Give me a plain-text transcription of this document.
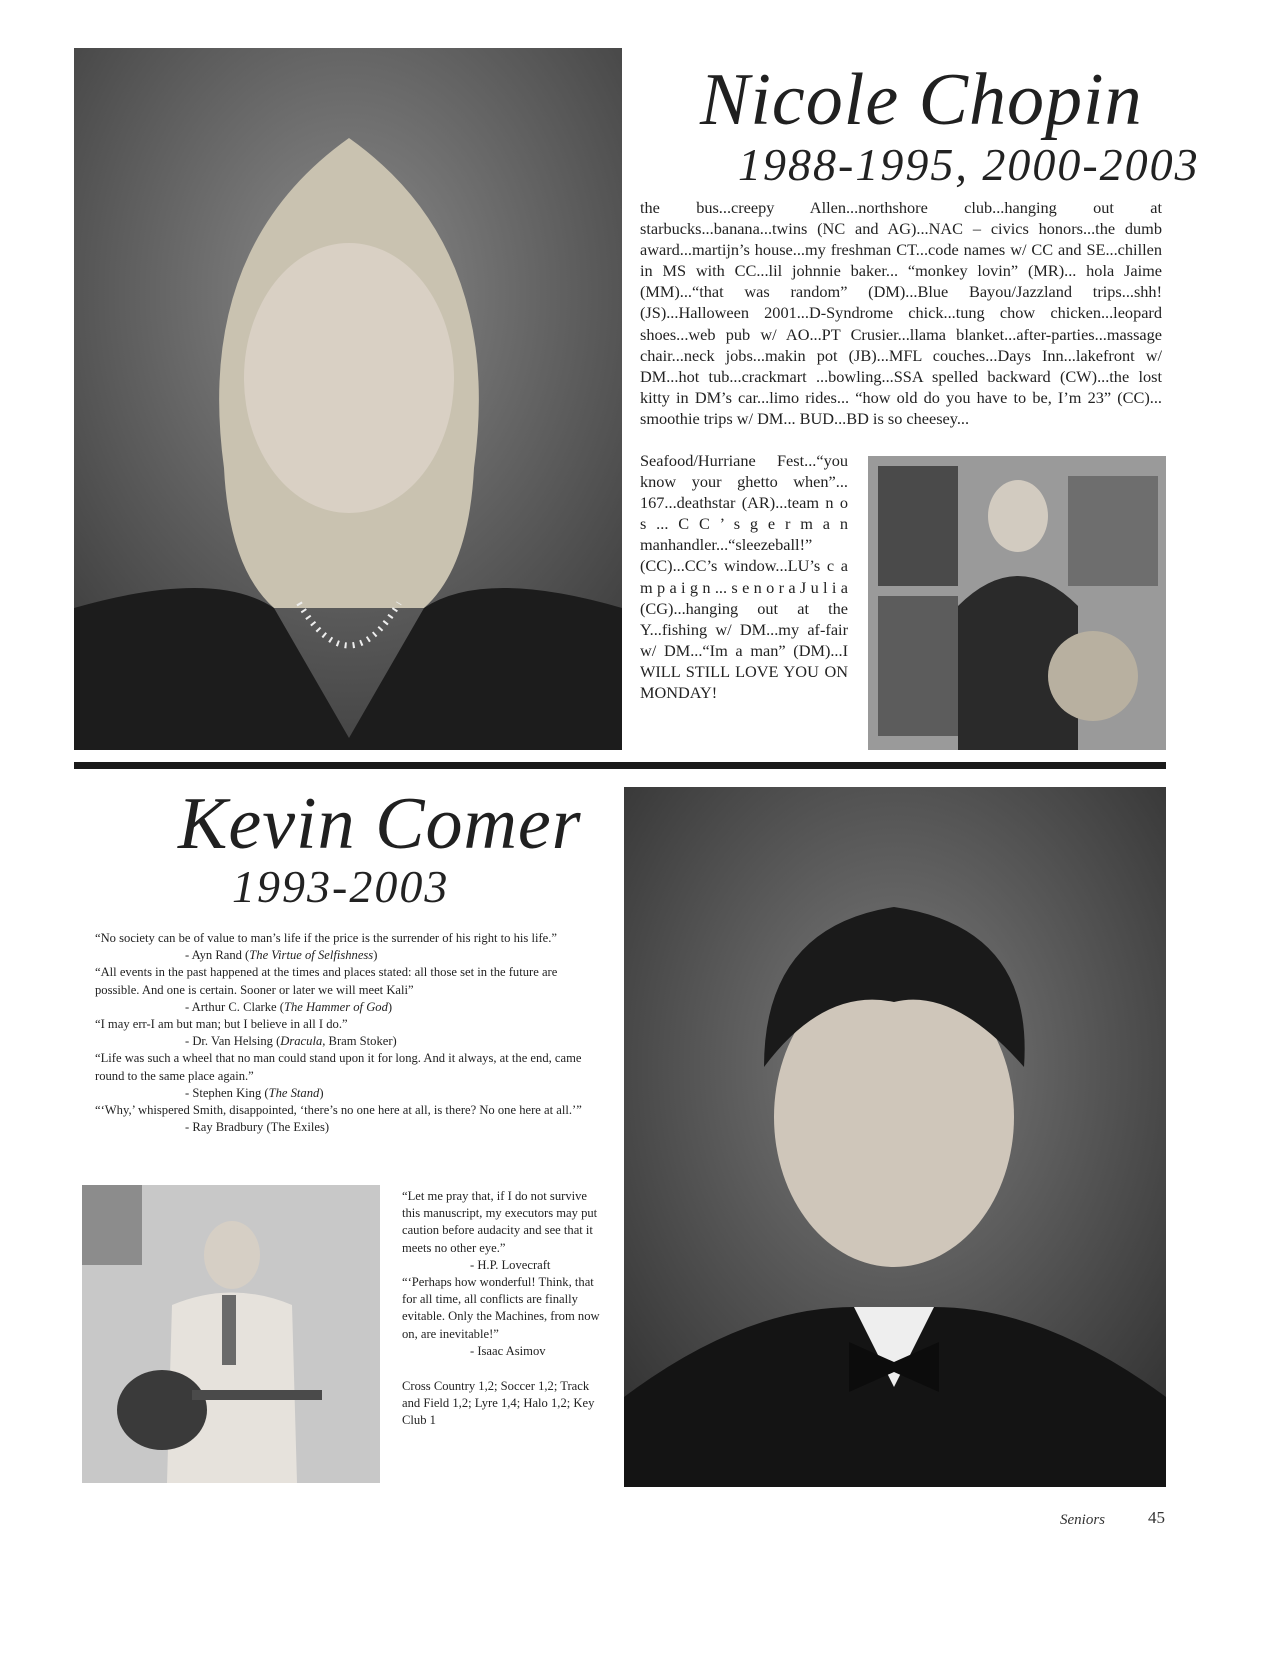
Nicole Chopin
1988-1995, 2000-2003

the bus...creepy Allen...northshore club...hanging out at starbucks...banana...twins (NC and AG)...NAC – civics honors...the dumb award...martijn’s house...my freshman CT...code names w/ CC and SE...chillen in MS with CC...lil johnnie baker... “monkey lovin” (MR)... hola Jaime (MM)...“that was random” (DM)...Blue Bayou/Jazzland trips...shh! (JS)...Halloween 2001...D-Syndrome chick...tung chow chicken...leopard shoes...web pub w/ AO...PT Crusier...llama blanket...after-parties...massage chair...neck jobs...makin pot (JB)...MFL couches...Days Inn...lakefront w/ DM...hot tub...crackmart ...bowling...SSA spelled backward (CW)...the lost kitty in DM’s car...limo rides... “how old do you have to be, I’m 23” (CC)... smoothie trips w/ DM... BUD...BD is so cheesey...

Seafood/Hurriane Fest...“you know your ghetto when”... 167...deathstar (AR)...team n o s ... C C ’ s g e r m a n manhandler...“sleezeball!” (CC)...CC’s window...LU’s c a m p a i g n ... s e n o r a J u l i a (CG)...hanging out at the Y...fishing w/ DM...my af-fair w/ DM...“Im a man” (DM)...I WILL STILL LOVE YOU ON MONDAY!

Kevin Comer
1993-2003

“No society can be of value to man’s life if the price is the surrender of his right to his life.”

- Ayn Rand (The Virtue of Selfishness)

“All events in the past happened at the times and places stated: all those set in the future are possible. And one is certain. Sooner or later we will meet Kali”

- Arthur C. Clarke (The Hammer of God)

“I may err-I am but man; but I believe in all I do.”

- Dr. Van Helsing (Dracula, Bram Stoker)

“Life was such a wheel that no man could stand upon it for long. And it always, at the end, came round to the same place again.”

- Stephen King (The Stand)

“‘Why,’ whispered Smith, disappointed, ‘there’s no one here at all, is there? No one here at all.’”

- Ray Bradbury (The Exiles)

“Let me pray that, if I do not survive this manuscript, my executors may put caution before audacity and see that it meets no other eye.”

- H.P. Lovecraft

“‘Perhaps how wonderful! Think, that for all time, all conflicts are finally evitable. Only the Machines, from now on, are inevitable!”

- Isaac Asimov

Cross Country 1,2; Soccer 1,2; Track and Field 1,2; Lyre 1,4; Halo 1,2; Key Club 1

Seniors	45
